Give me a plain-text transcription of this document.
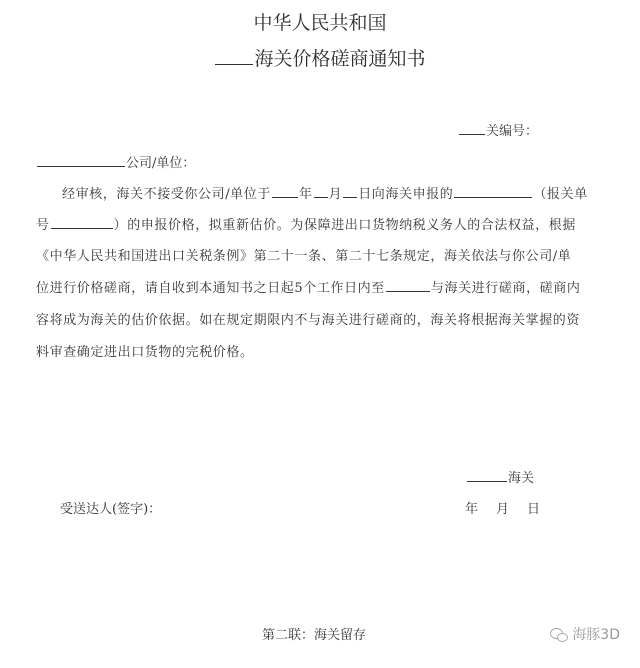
中华人民共和国
海关价格磋商通知书
关编号：
公司/单位：
经审核，海关不接受你公司/单位于 年 月 日向海关申报的	（报关单
号	）的申报价格，拟重新估价。为保障进出口货物纳税义务人的合法权益，根据
《中华人民共和国进出口关税条例》第二十一条、第二十七条规定，海关依法与你公司/单
位进行价格磋商，请自收到本通知书之日起5个工作日内至	与海关进行磋商，磋商内
容将成为海关的估价依据。如在规定期限内不与海关进行磋商的，海关将根据海关掌握的资
料审查确定进出口货物的完税价格。
海关
受送达人(签字)：	年 月 日
第二联：海关留存	海豚3D
